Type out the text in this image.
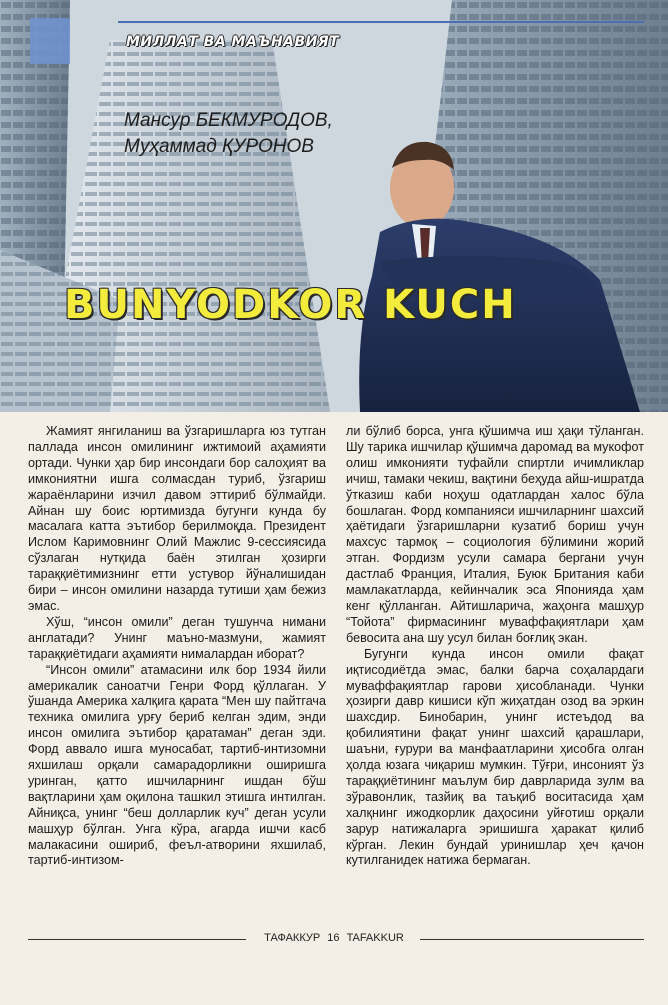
МИЛЛАТ ВА МАЪНАВИЯТ
Мансур БЕКМУРОДОВ,
Муҳаммад ҚУРОНОВ
BUNYODKOR KUCH

Жамият янгиланиш ва ўзгаришларга юз тутган паллада инсон омилининг ижтимоий аҳамияти ортади. Чунки ҳар бир инсондаги бор салоҳият ва имкониятни ишга солмасдан туриб, ўзгариш жараёнларини изчил давом эттириб бўлмайди. Айнан шу боис юртимизда бугунги кунда бу масалага катта эътибор берилмоқда. Президент Ислом Каримовнинг Олий Мажлис 9-сессиясида сўзлаган нутқида баён этилган ҳозирги тараққиётимизнинг етти устувор йўналишидан бири – инсон омилини назарда тутиши ҳам бежиз эмас.

Хўш, “инсон омили” деган тушунча нимани англатади? Унинг маъно-мазмуни, жамият тараққиётидаги аҳамияти нималардан иборат?

“Инсон омили” атамасини илк бор 1934 йили америкалик саноатчи Генри Форд қўллаган. У ўшанда Америка халқига қарата “Мен шу пайтгача техника омилига урғу бериб келган эдим, энди инсон омилига эътибор қаратаман” деган эди. Форд аввало ишга муносабат, тартиб-интизомни яхшилаш орқали самарадорликни оширишга уринган, қатто ишчиларнинг ишдан бўш вақтларини ҳам оқилона ташкил этишга интилган. Айниқса, унинг “беш долларлик куч” деган усули машҳур бўлган. Унга кўра, агарда ишчи касб малакасини ошириб, феъл-атворини яхшилаб, тартиб-интизом-

ли бўлиб борса, унга қўшимча иш ҳақи тўланган. Шу тарика ишчилар қўшимча даромад ва мукофот олиш имконияти туфайли спиртли ичимликлар ичиш, тамаки чекиш, вақтини беҳуда айш-ишратда ўтказиш каби ноҳуш одатлардан халос бўла бошлаган. Форд компанияси ишчиларнинг шахсий ҳаётидаги ўзгаришларни кузатиб бориш учун махсус тармоқ – социология бўлимини жорий этган. Фордизм усули самара бергани учун дастлаб Франция, Италия, Буюк Британия каби мамлакатларда, кейинчалик эса Японияда ҳам кенг қўлланган. Айтишларича, жаҳонга машҳур “Тойота” фирмасининг муваффақиятлари ҳам бевосита ана шу усул билан боғлиқ экан.

Бугунги кунда инсон омили фақат иқтисодиётда эмас, балки барча соҳалардаги муваффақиятлар гарови ҳисобланади. Чунки ҳозирги давр кишиси кўп жиҳатдан озод ва эркин шахсдир. Бинобарин, унинг истеъдод ва қобилиятини фақат унинг шахсий қарашлари, шаъни, ғурури ва манфаатларини ҳисобга олган ҳолда юзага чиқариш мумкин. Тўғри, инсоният ўз тараққиётининг маълум бир даврларида зулм ва зўравонлик, тазйиқ ва таъқиб воситасида ҳам халқнинг ижодкорлик даҳосини уйғотиш орқали зарур натижаларга эришишга ҳаракат қилиб кўрган. Лекин бундай уринишлар ҳеч қачон кутилганидек натижа бермаган.

ТАФАККУР 16 TAFAKKUR
